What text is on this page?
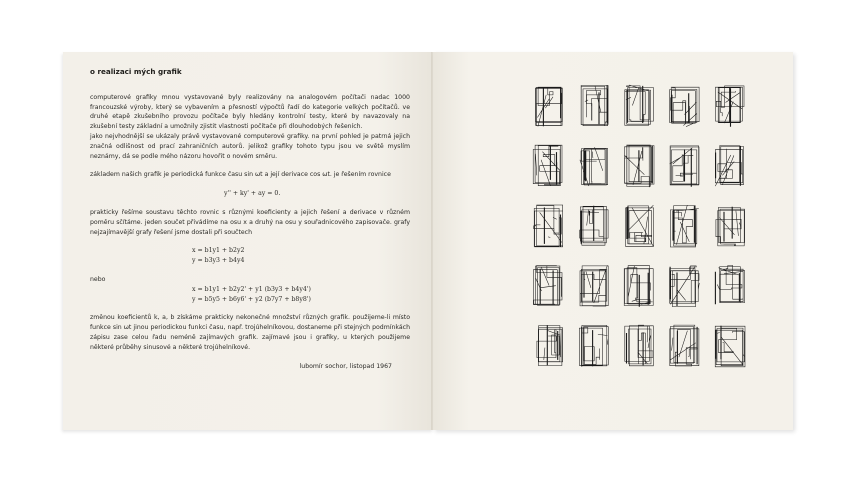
o realizaci mých grafik

computerové grafiky mnou vystavované byly realizovány na analogovém počítači nadac 1000 francouzské výroby, který se vybavením a přesností výpočtů řadí do kategorie velkých počítačů. ve druhé etapě zkušebního provozu počítače byly hledány kontrolní testy, které by navazovaly na zkušební testy základní a umožnily zjistit vlastnosti počítače při dlouhodobých řešeních.

jako nejvhodnější se ukázaly právě vystavované computerové grafiky. na první pohled je patrná jejich značná odlišnost od prací zahraničních autorů. jelikož grafiky tohoto typu jsou ve světě myslím neznámy, dá se podle mého názoru hovořit o novém směru.

základem našich grafik je periodická funkce času sin ωt a její derivace cos ωt. je řešením rovnice

y'' + ky' + ay = 0.

prakticky řešíme soustavu těchto rovnic s různými koeficienty a jejich řešení a derivace v různém poměru sčítáme. jeden součet přivádíme na osu x a druhý na osu y souřadnicového zapisovače. grafy nejzajímavější grafy řešení jsme dostali při součtech

x = b1y1 + b2y2

y = b3y3 + b4y4

nebo

x = b1y1 + b2y2' + y1 (b3y3 + b4y4')

y = b5y5 + b6y6' + y2 (b7y7 + b8y8')

změnou koeficientů k, a, b získáme prakticky nekonečné množství různých grafik. použijeme-li místo funkce sin ωt jinou periodickou funkci času, např. trojúhelníkovou, dostaneme při stejných podmínkách zápisu zase celou řadu neméně zajímavých grafik. zajímavé jsou i grafiky, u kterých použijeme některé průběhy sinusové a některé trojúhelníkové.

lubomír sochor, listopad 1967
